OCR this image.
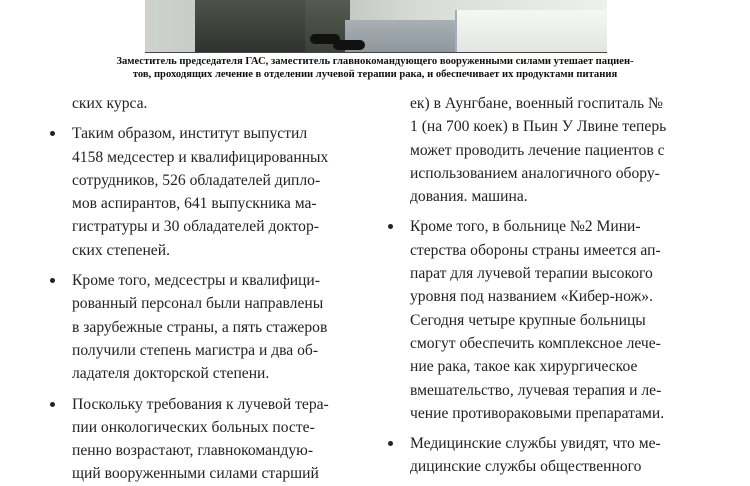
Заместитель председателя ГАС, заместитель главнокомандующего вооруженными силами утешает пациен-
тов, проходящих лечение в отделении лучевой терапии рака, и обеспечивает их продуктами питания
ских курса.
Таким образом, институт выпустил
4158 медсестер и квалифицированных
сотрудников, 526 обладателей дипло-
мов аспирантов, 641 выпускника ма-
гистратуры и 30 обладателей доктор-
ских степеней.
Кроме того, медсестры и квалифици-
рованный персонал были направлены
в зарубежные страны, а пять стажеров
получили степень магистра и два об-
ладателя докторской степени.
Поскольку требования к лучевой тера-
пии онкологических больных посте-
пенно возрастают, главнокомандую-
щий вооруженными силами старший
ек) в Аунгбане, военный госпиталь №
1 (на 700 коек) в Пьин У Лвине теперь
может проводить лечение пациентов с
использованием аналогичного обору-
дования. машина.
Кроме того, в больнице №2 Мини-
стерства обороны страны имеется ап-
парат для лучевой терапии высокого
уровня под названием «Кибер-нож».
Сегодня четыре крупные больницы
смогут обеспечить комплексное лече-
ние рака, такое как хирургическое
вмешательство, лучевая терапия и ле-
чение противораковыми препаратами.
Медицинские службы увидят, что ме-
дицинские службы общественного
